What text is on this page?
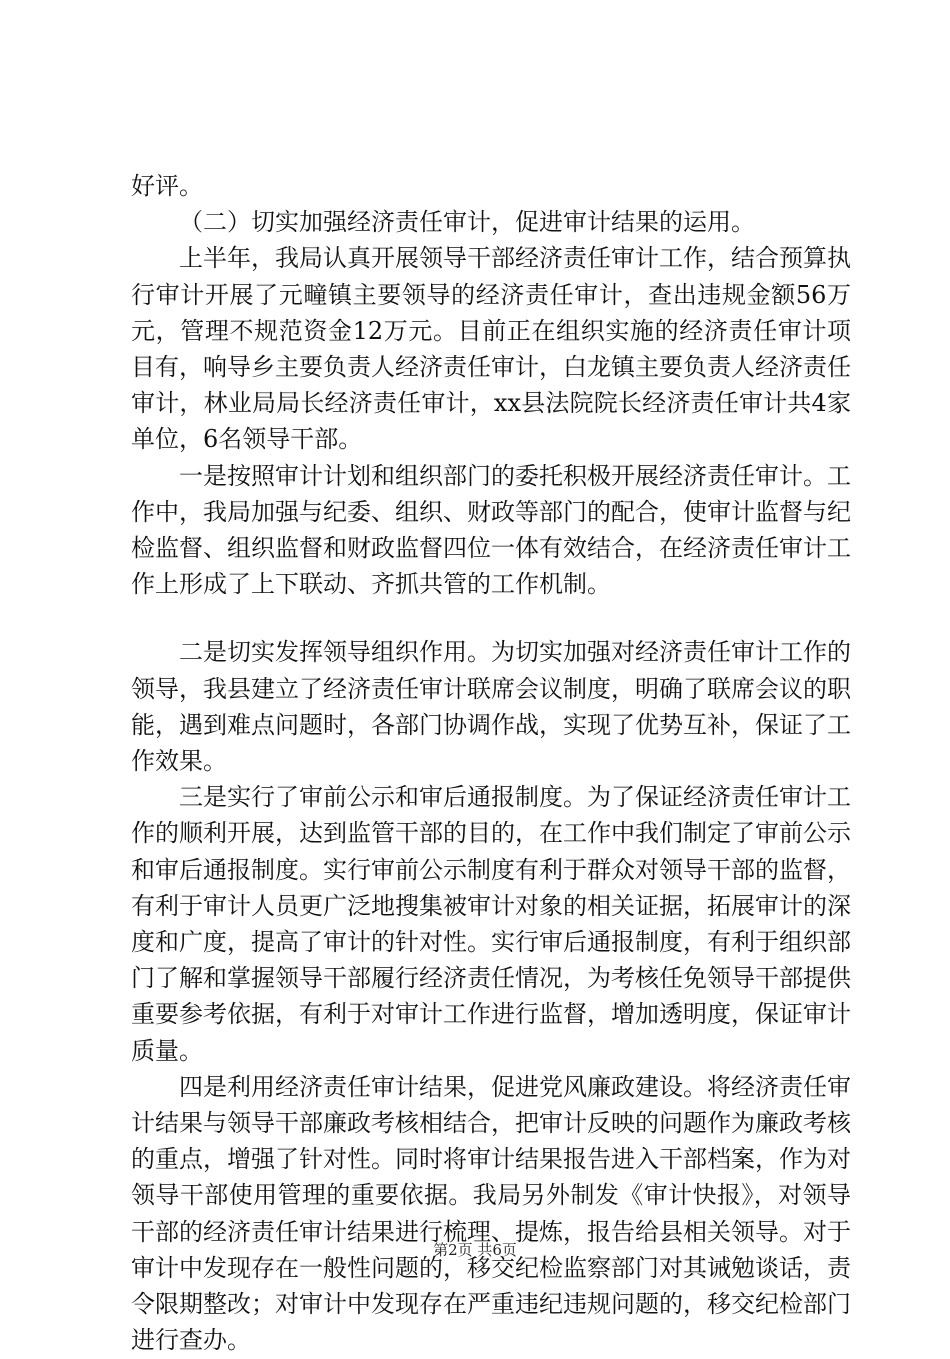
好评。

（二）切实加强经济责任审计，促进审计结果的运用。

上半年，我局认真开展领导干部经济责任审计工作，结合预算执行审计开展了元疃镇主要领导的经济责任审计，查出违规金额56万元，管理不规范资金12万元。目前正在组织实施的经济责任审计项目有，响导乡主要负责人经济责任审计，白龙镇主要负责人经济责任审计，林业局局长经济责任审计，xx县法院院长经济责任审计共4家单位，6名领导干部。

一是按照审计计划和组织部门的委托积极开展经济责任审计。工作中，我局加强与纪委、组织、财政等部门的配合，使审计监督与纪检监督、组织监督和财政监督四位一体有效结合，在经济责任审计工作上形成了上下联动、齐抓共管的工作机制。

二是切实发挥领导组织作用。为切实加强对经济责任审计工作的领导，我县建立了经济责任审计联席会议制度，明确了联席会议的职能，遇到难点问题时，各部门协调作战，实现了优势互补，保证了工作效果。

三是实行了审前公示和审后通报制度。为了保证经济责任审计工作的顺利开展，达到监管干部的目的，在工作中我们制定了审前公示和审后通报制度。实行审前公示制度有利于群众对领导干部的监督，有利于审计人员更广泛地搜集被审计对象的相关证据，拓展审计的深度和广度，提高了审计的针对性。实行审后通报制度，有利于组织部门了解和掌握领导干部履行经济责任情况，为考核任免领导干部提供重要参考依据，有利于对审计工作进行监督，增加透明度，保证审计质量。

四是利用经济责任审计结果，促进党风廉政建设。将经济责任审计结果与领导干部廉政考核相结合，把审计反映的问题作为廉政考核的重点，增强了针对性。同时将审计结果报告进入干部档案，作为对领导干部使用管理的重要依据。我局另外制发《审计快报》，对领导干部的经济责任审计结果进行梳理、提炼，报告给县相关领导。对于审计中发现存在一般性问题的，移交纪检监察部门对其诫勉谈话，责令限期整改；对审计中发现存在严重违纪违规问题的，移交纪检部门进行查办。

第2页 共6页
